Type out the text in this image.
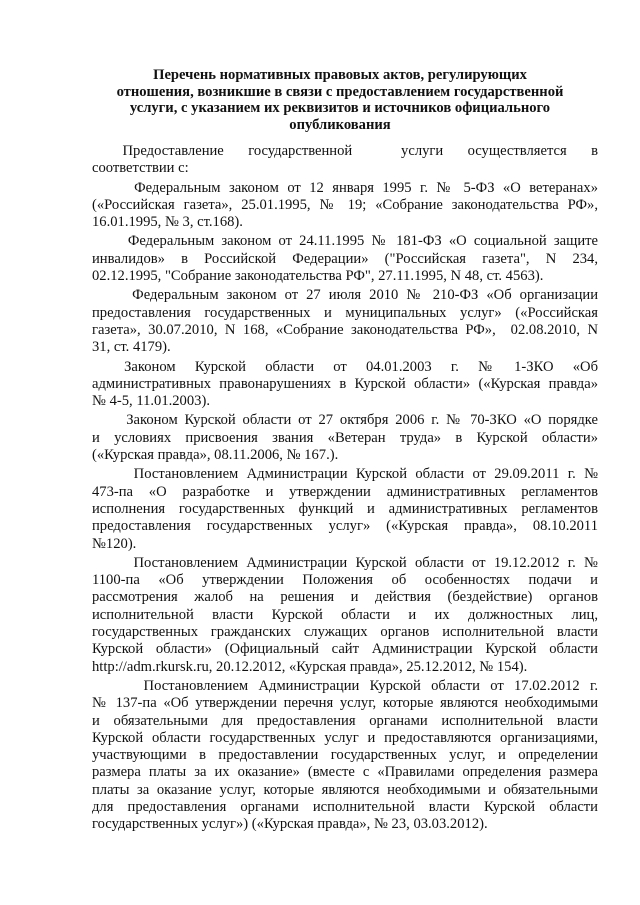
Перечень нормативных правовых актов, регулирующих
отношения, возникшие в связи с предоставлением государственной
услуги, с указанием их реквизитов и источников официального
опубликования
Предоставление    государственной        услуги    осуществляется    в
соответствии с:
Федеральным законом от 12 января 1995 г. № 5-ФЗ «О ветеранах»
(«Российская газета», 25.01.1995, № 19; «Собрание законодательства РФ»,
16.01.1995, № 3, ст.168).
Федеральным законом от 24.11.1995 № 181-ФЗ «О социальной защите
инвалидов» в Российской Федерации» ("Российская газета", N 234,
02.12.1995, "Собрание законодательства РФ", 27.11.1995, N 48, ст. 4563).
Федеральным законом от 27 июля 2010 № 210-ФЗ «Об организации
предоставления государственных и муниципальных услуг» («Российская
газета», 30.07.2010, N 168, «Собрание законодательства РФ»,  02.08.2010, N
31, ст. 4179).
Законом   Курской   области   от   04.01.2003   г.   №   1-ЗКО   «Об
административных правонарушениях в Курской области» («Курская правда»
№ 4-5, 11.01.2003).
Законом Курской области от 27 октября 2006 г. № 70-ЗКО «О порядке
и условиях присвоения звания «Ветеран труда» в Курской области»
(«Курская правда», 08.11.2006, № 167.).
Постановлением Администрации Курской области от 29.09.2011 г. №
473-па «О разработке и утверждении административных регламентов
исполнения государственных функций и административных регламентов
предоставления государственных услуг» («Курская правда», 08.10.2011
№120).
Постановлением Администрации Курской области от 19.12.2012 г. №
1100-па «Об утверждении Положения об особенностях подачи и
рассмотрения жалоб на решения и действия (бездействие) органов
исполнительной власти Курской области и их должностных лиц,
государственных гражданских служащих органов исполнительной власти
Курской области» (Официальный сайт Администрации Курской области
http://adm.rkursk.ru, 20.12.2012, «Курская правда», 25.12.2012, № 154).
Постановлением Администрации Курской области от 17.02.2012 г.
№ 137-па «Об утверждении перечня услуг, которые являются необходимыми
и обязательными для предоставления органами исполнительной власти
Курской области государственных услуг и предоставляются организациями,
участвующими в предоставлении государственных услуг, и определении
размера платы за их оказание» (вместе с «Правилами определения размера
платы за оказание услуг, которые являются необходимыми и обязательными
для предоставления органами исполнительной власти Курской области
государственных услуг») («Курская правда», № 23, 03.03.2012).
